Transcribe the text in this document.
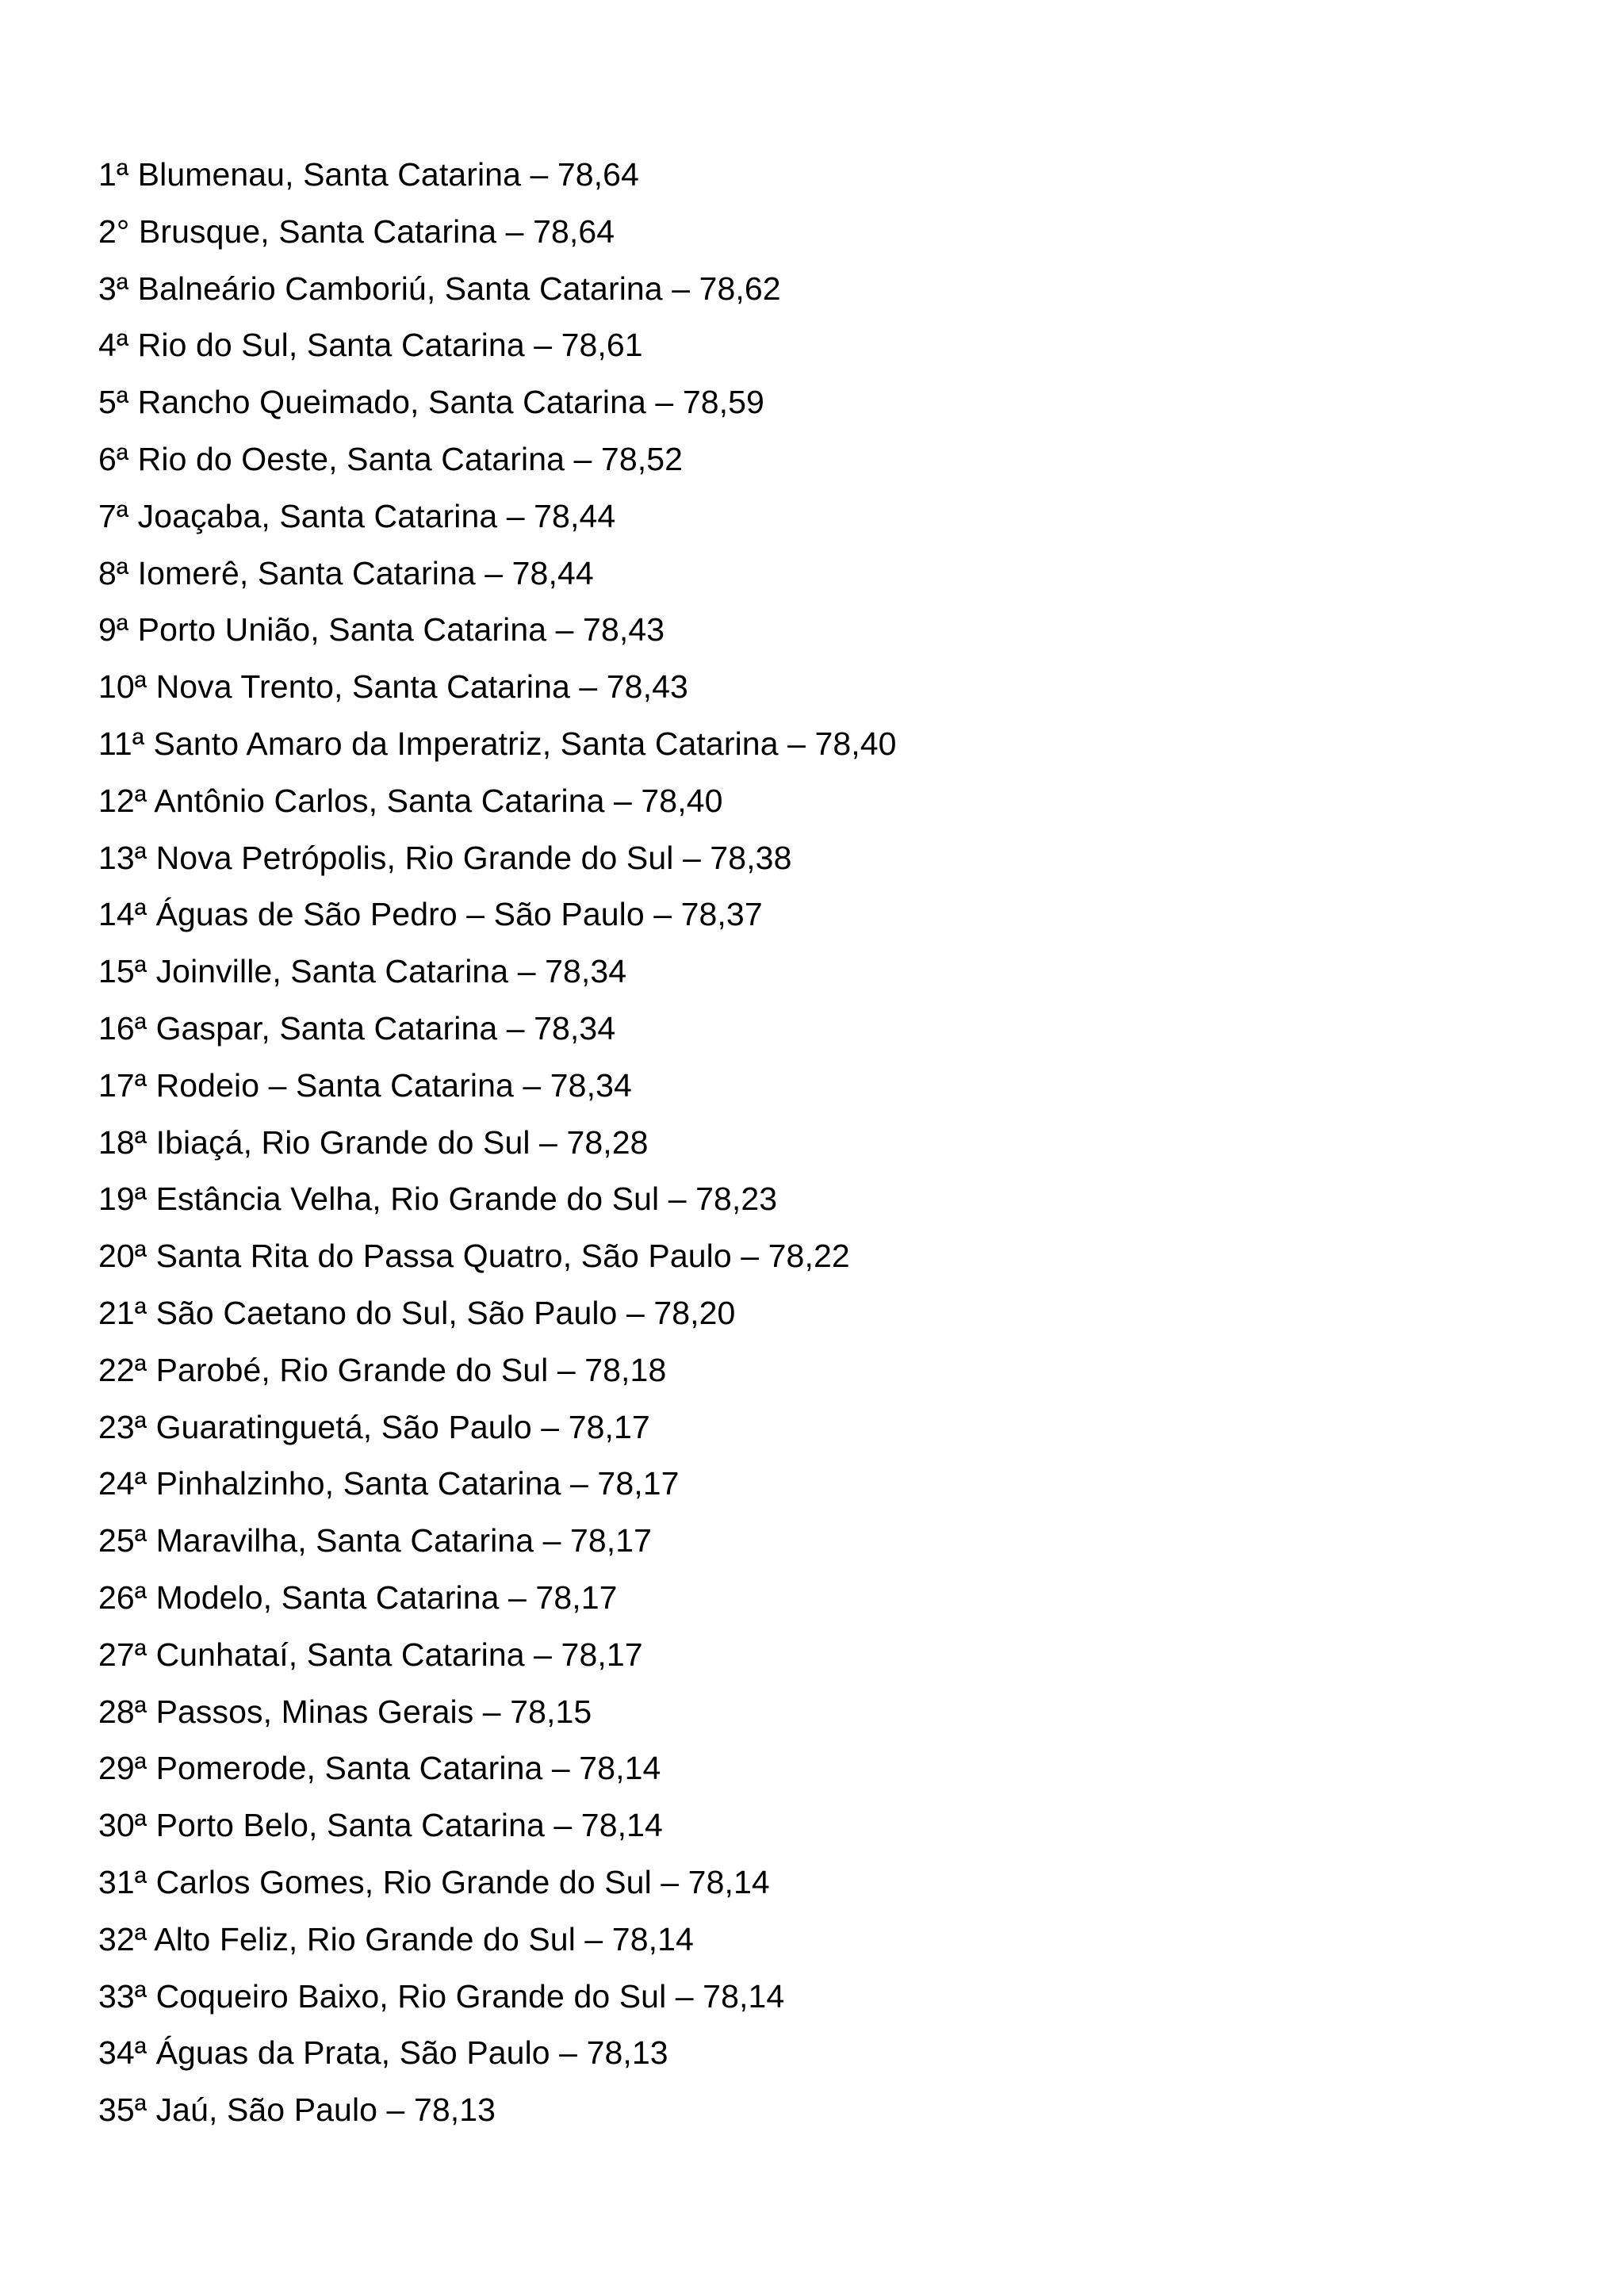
1ª Blumenau, Santa Catarina – 78,64
2° Brusque, Santa Catarina – 78,64
3ª Balneário Camboriú, Santa Catarina – 78,62
4ª Rio do Sul, Santa Catarina – 78,61
5ª Rancho Queimado, Santa Catarina – 78,59
6ª Rio do Oeste, Santa Catarina – 78,52
7ª Joaçaba, Santa Catarina – 78,44
8ª Iomerê, Santa Catarina – 78,44
9ª Porto União, Santa Catarina – 78,43
10ª Nova Trento, Santa Catarina – 78,43
11ª Santo Amaro da Imperatriz, Santa Catarina – 78,40
12ª Antônio Carlos, Santa Catarina – 78,40
13ª Nova Petrópolis, Rio Grande do Sul – 78,38
14ª Águas de São Pedro – São Paulo – 78,37
15ª Joinville, Santa Catarina – 78,34
16ª Gaspar, Santa Catarina – 78,34
17ª Rodeio – Santa Catarina – 78,34
18ª Ibiaçá, Rio Grande do Sul – 78,28
19ª Estância Velha, Rio Grande do Sul – 78,23
20ª Santa Rita do Passa Quatro, São Paulo – 78,22
21ª São Caetano do Sul, São Paulo – 78,20
22ª Parobé, Rio Grande do Sul – 78,18
23ª Guaratinguetá, São Paulo – 78,17
24ª Pinhalzinho, Santa Catarina – 78,17
25ª Maravilha, Santa Catarina – 78,17
26ª Modelo, Santa Catarina – 78,17
27ª Cunhataí, Santa Catarina – 78,17
28ª Passos, Minas Gerais – 78,15
29ª Pomerode, Santa Catarina – 78,14
30ª Porto Belo, Santa Catarina – 78,14
31ª Carlos Gomes, Rio Grande do Sul – 78,14
32ª Alto Feliz, Rio Grande do Sul – 78,14
33ª Coqueiro Baixo, Rio Grande do Sul – 78,14
34ª Águas da Prata, São Paulo – 78,13
35ª Jaú, São Paulo – 78,13
